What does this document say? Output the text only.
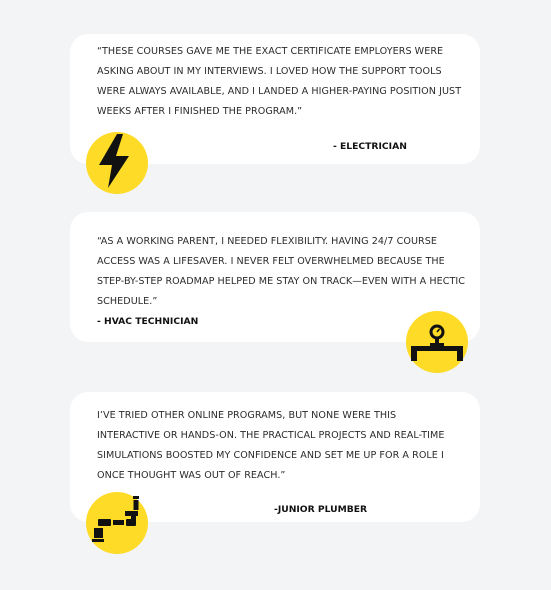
“THESE COURSES GAVE ME THE EXACT CERTIFICATE EMPLOYERS WERE ASKING ABOUT IN MY INTERVIEWS. I LOVED HOW THE SUPPORT TOOLS WERE ALWAYS AVAILABLE, AND I LANDED A HIGHER-PAYING POSITION JUST WEEKS AFTER I FINISHED THE PROGRAM.”

- ELECTRICIAN

“AS A WORKING PARENT, I NEEDED FLEXIBILITY. HAVING 24/7 COURSE ACCESS WAS A LIFESAVER. I NEVER FELT OVERWHELMED BECAUSE THE STEP-BY-STEP ROADMAP HELPED ME STAY ON TRACK—EVEN WITH A HECTIC SCHEDULE.”

- HVAC TECHNICIAN

I’VE TRIED OTHER ONLINE PROGRAMS, BUT NONE WERE THIS INTERACTIVE OR HANDS-ON. THE PRACTICAL PROJECTS AND REAL-TIME SIMULATIONS BOOSTED MY CONFIDENCE AND SET ME UP FOR A ROLE I ONCE THOUGHT WAS OUT OF REACH.”

-JUNIOR PLUMBER
